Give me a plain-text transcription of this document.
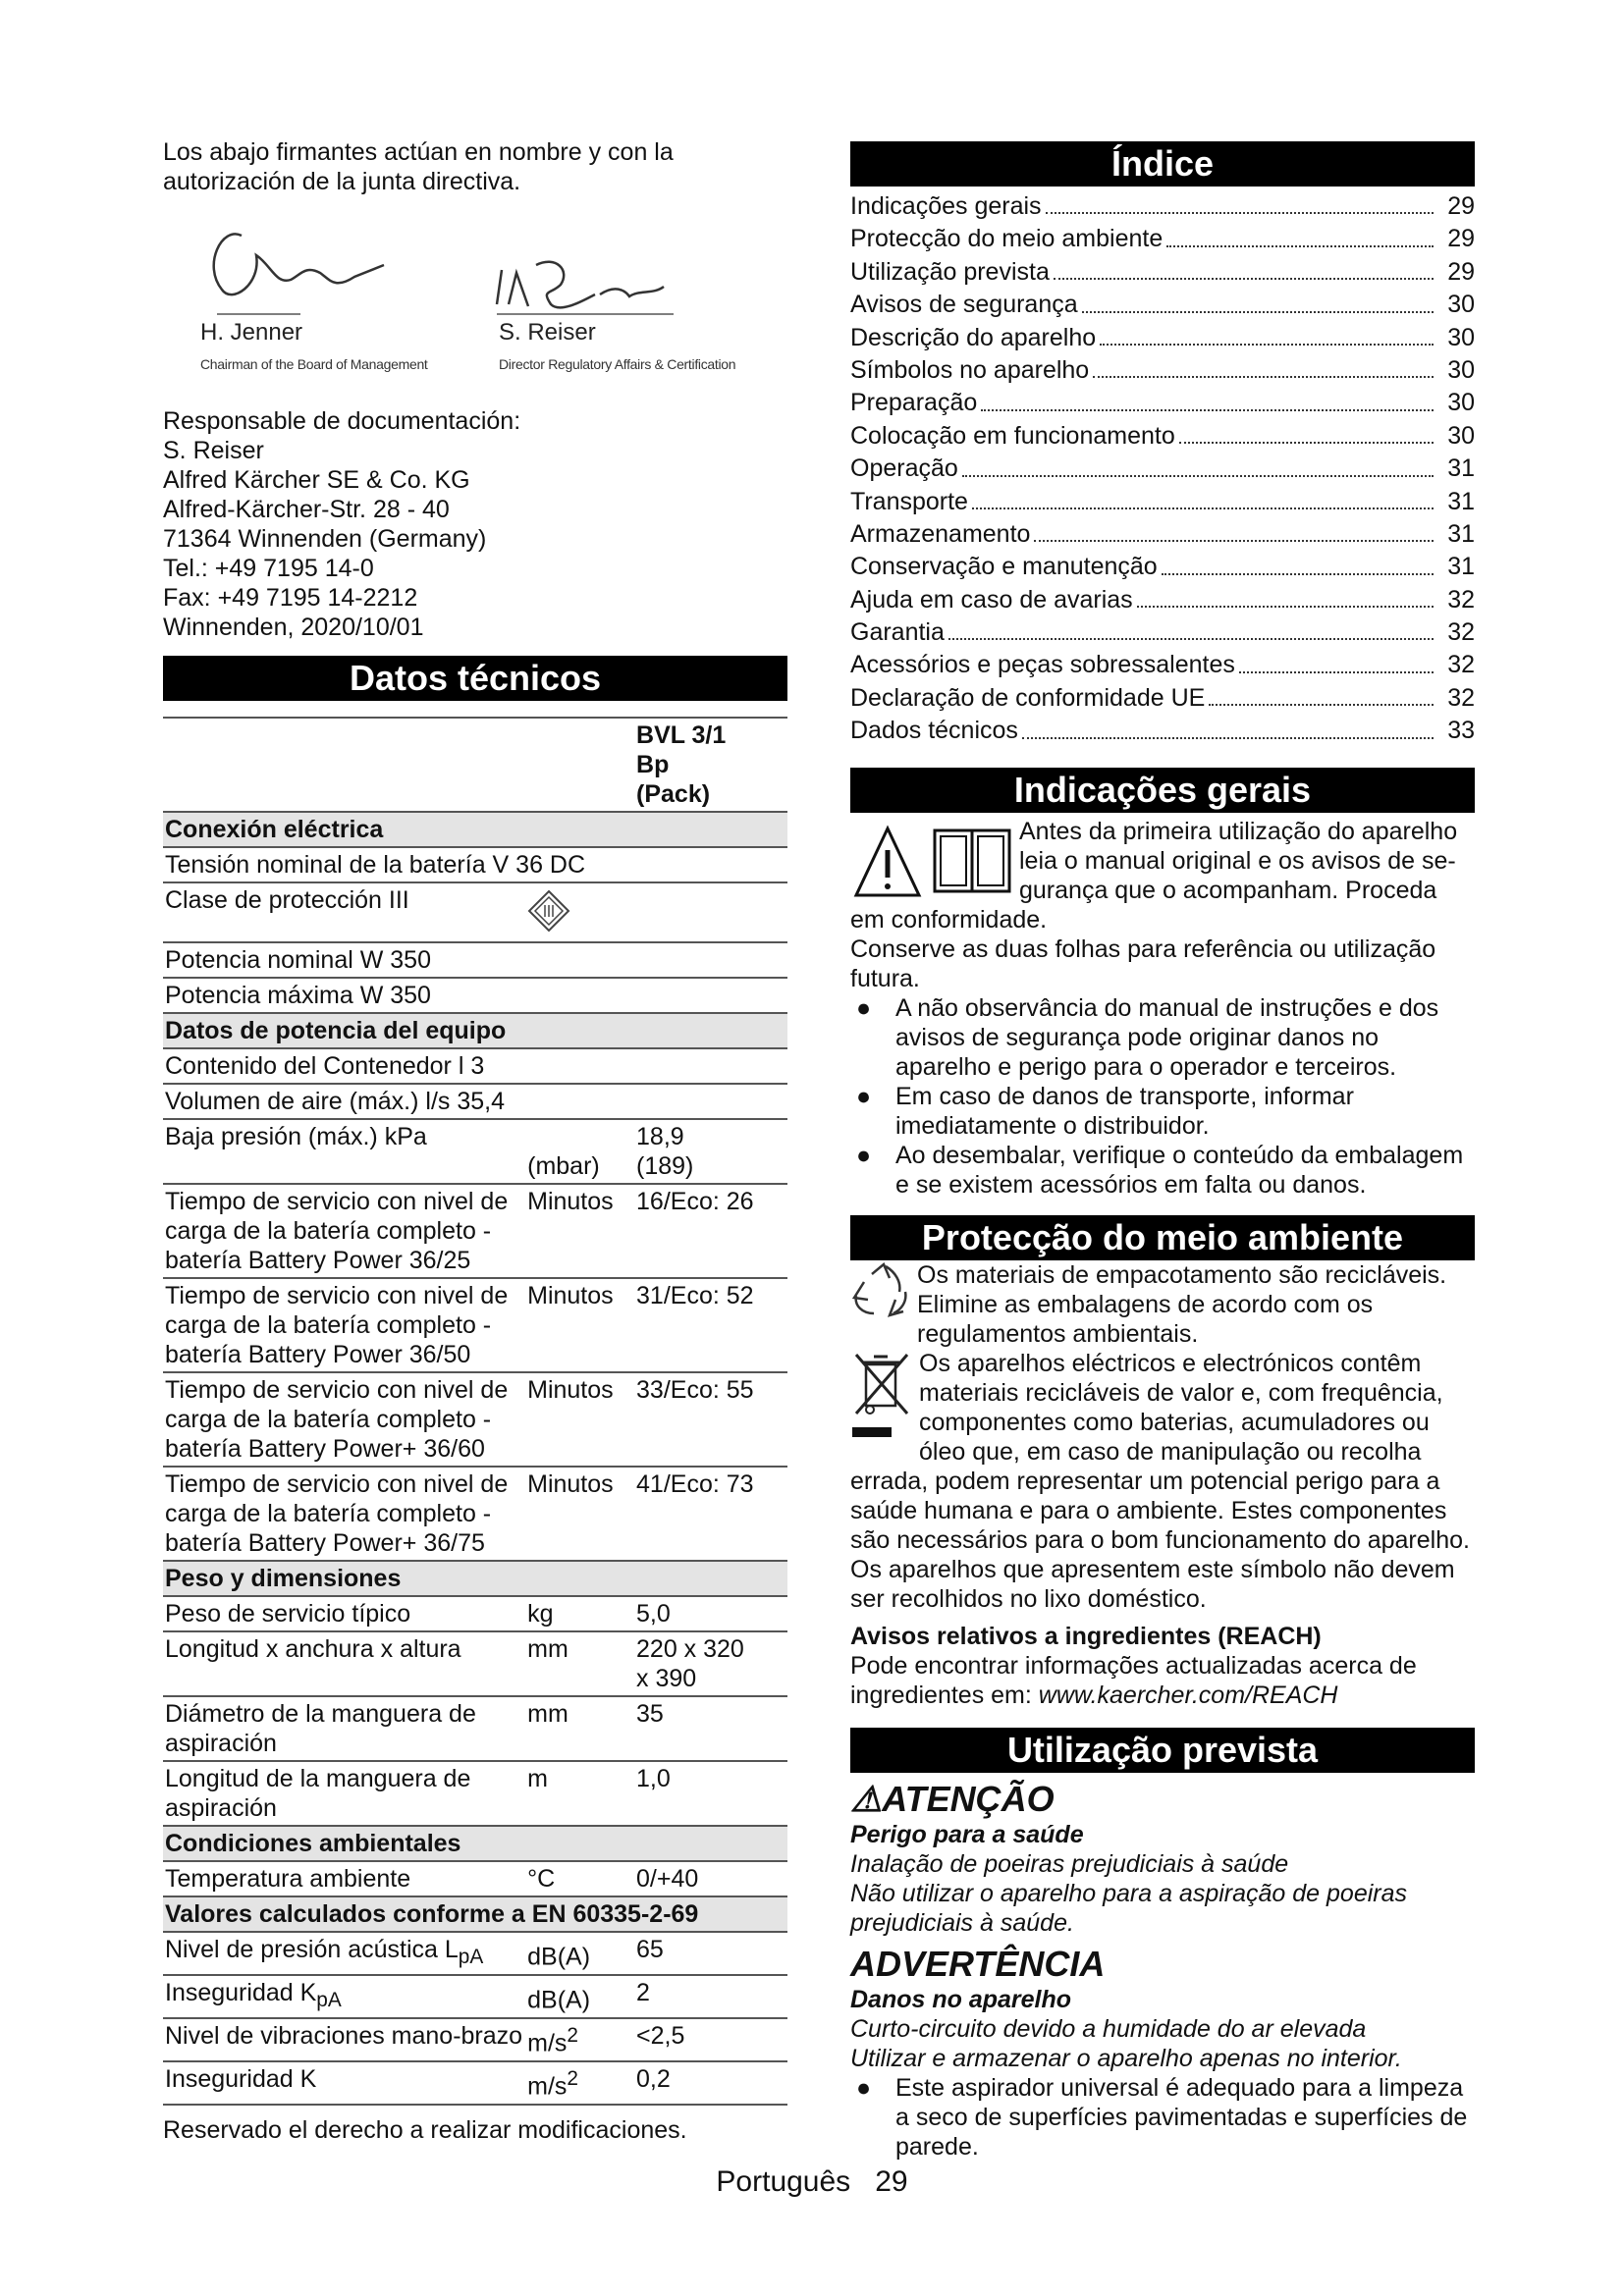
Los abajo firmantes actúan en nombre y con la autorización de la junta directiva.

H. Jenner
Chairman of the Board of Management
S. Reiser
Director Regulatory Affairs & Certification
Responsable de documentación:
S. Reiser
Alfred Kärcher SE & Co. KG
Alfred-Kärcher-Str. 28 - 40
71364 Winnenden (Germany)
Tel.: +49 7195 14-0
Fax: +49 7195 14-2212
Winnenden, 2020/10/01
Datos técnicos

		BVL 3/1
Bp
(Pack)

Conexión eléctrica		
Tensión nominal de la batería V 36 DC		
Clase de protección III	
Potencia nominal W 350		
Potencia máxima W 350		
Datos de potencia del equipo		
Contenido del Contenedor l 3		
Volumen de aire (máx.) l/s 35,4		
Baja presión (máx.) kPa	(mbar)	18,9
(189)

Tiempo de servicio con nivel de carga de la batería completo - batería Battery Power 36/25	Minutos	16/Eco: 26
Tiempo de servicio con nivel de carga de la batería completo - batería Battery Power 36/50	Minutos	31/Eco: 52
Tiempo de servicio con nivel de carga de la batería completo - batería Battery Power+ 36/60	Minutos	33/Eco: 55
Tiempo de servicio con nivel de carga de la batería completo - batería Battery Power+ 36/75	Minutos	41/Eco: 73
Peso y dimensiones		
Peso de servicio típico	kg	5,0
Longitud x anchura x altura	mm	220 x 320 x 390
Diámetro de la manguera de aspiración	mm	35
Longitud de la manguera de aspiración	m	1,0
Condiciones ambientales		
Temperatura ambiente	°C	0/+40
Valores calculados conforme a EN 60335-2-69		
Nivel de presión acústica $L_{pA}$	dB(A)	65
Inseguridad $K_{pA}$	dB(A)	2
Nivel de vibraciones mano-brazo	$m/s^2$	<2,5
Inseguridad K	$m/s^2$	0,2

Reservado el derecho a realizar modificaciones.

Índice
Indicações gerais	29
Protecção do meio ambiente	29
Utilização prevista	29
Avisos de segurança	30
Descrição do aparelho	30
Símbolos no aparelho	30
Preparação	30
Colocação em funcionamento	30
Operação	31
Transporte	31
Armazenamento	31
Conservação e manutenção	31
Ajuda em caso de avarias	32
Garantia	32
Acessórios e peças sobressalentes	32
Declaração de conformidade UE	32
Dados técnicos	33
Indicações gerais
Antes da primeira utilização do aparelho
leia o manual original e os avisos de se-
gurança que o acompanham. Proceda
em conformidade.
Conserve as duas folhas para referência ou utilização futura.
● A não observância do manual de instruções e dos avisos de segurança pode originar danos no aparelho e perigo para o operador e terceiros.
● Em caso de danos de transporte, informar imediatamente o distribuidor.
● Ao desembalar, verifique o conteúdo da embalagem e se existem acessórios em falta ou danos.
Protecção do meio ambiente
Os materiais de empacotamento são recicláveis. Elimine as embalagens de acordo com os regulamentos ambientais.
Os aparelhos eléctricos e electrónicos contêm materiais recicláveis de valor e, com frequência, componentes como baterias, acumuladores ou óleo que, em caso de manipulação ou recolha errada, podem representar um potencial perigo para a saúde humana e para o ambiente. Estes componentes são necessários para o bom funcionamento do aparelho. Os aparelhos que apresentem este símbolo não devem ser recolhidos no lixo doméstico.
Avisos relativos a ingredientes (REACH)
Pode encontrar informações actualizadas acerca de ingredientes em: www.kaercher.com/REACH
Utilização prevista
⚠ATENÇÃO
Perigo para a saúde
Inalação de poeiras prejudiciais à saúde
Não utilizar o aparelho para a aspiração de poeiras prejudiciais à saúde.
ADVERTÊNCIA
Danos no aparelho
Curto-circuito devido a humidade do ar elevada
Utilizar e armazenar o aparelho apenas no interior.
● Este aspirador universal é adequado para a limpeza a seco de superfícies pavimentadas e superfícies de parede.
Português 29
